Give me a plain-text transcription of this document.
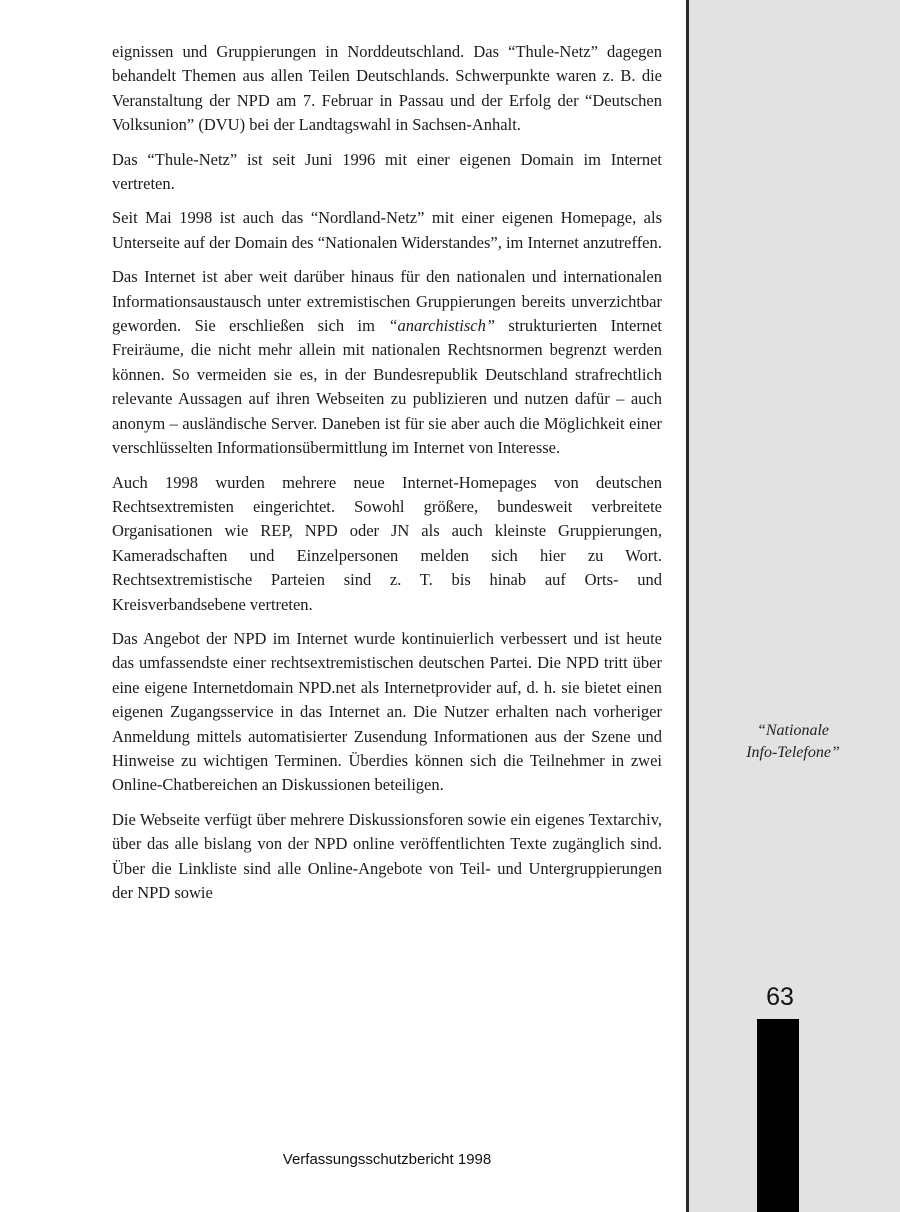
eignissen und Gruppierungen in Norddeutschland. Das “Thule-Netz” dagegen behandelt Themen aus allen Teilen Deutschlands. Schwerpunkte waren z. B. die Veranstaltung der NPD am 7. Februar in Passau und der Erfolg der “Deutschen Volksunion” (DVU) bei der Landtagswahl in Sachsen-Anhalt.

Das “Thule-Netz” ist seit Juni 1996 mit einer eigenen Domain im Internet vertreten.

Seit Mai 1998 ist auch das “Nordland-Netz” mit einer eigenen Homepage, als Unterseite auf der Domain des “Nationalen Widerstandes”, im Internet anzutreffen.

Das Internet ist aber weit darüber hinaus für den nationalen und internationalen Informationsaustausch unter extremistischen Gruppierungen bereits unverzichtbar geworden. Sie erschließen sich im “anarchistisch” strukturierten Internet Freiräume, die nicht mehr allein mit nationalen Rechtsnormen begrenzt werden können. So vermeiden sie es, in der Bundesrepublik Deutschland strafrechtlich relevante Aussagen auf ihren Webseiten zu publizieren und nutzen dafür – auch anonym – ausländische Server. Daneben ist für sie aber auch die Möglichkeit einer verschlüsselten Informationsübermittlung im Internet von Interesse.

Auch 1998 wurden mehrere neue Internet-Homepages von deutschen Rechtsextremisten eingerichtet. Sowohl größere, bundesweit verbreitete Organisationen wie REP, NPD oder JN als auch kleinste Gruppierungen, Kameradschaften und Einzelpersonen melden sich hier zu Wort. Rechtsextremistische Parteien sind z. T. bis hinab auf Orts- und Kreisverbandsebene vertreten.

Das Angebot der NPD im Internet wurde kontinuierlich verbessert und ist heute das umfassendste einer rechtsextremistischen deutschen Partei. Die NPD tritt über eine eigene Internetdomain NPD.net als Internetprovider auf, d. h. sie bietet einen eigenen Zugangsservice in das Internet an. Die Nutzer erhalten nach vorheriger Anmeldung mittels automatisierter Zusendung Informationen aus der Szene und Hinweise zu wichtigen Terminen. Überdies können sich die Teilnehmer in zwei Online-Chatbereichen an Diskussionen beteiligen.

Die Webseite verfügt über mehrere Diskussionsforen sowie ein eigenes Textarchiv, über das alle bislang von der NPD online veröffentlichten Texte zugänglich sind. Über die Linkliste sind alle Online-Angebote von Teil- und Untergruppierungen der NPD sowie

“Nationale
Info-Telefone”
63
Verfassungsschutzbericht 1998
